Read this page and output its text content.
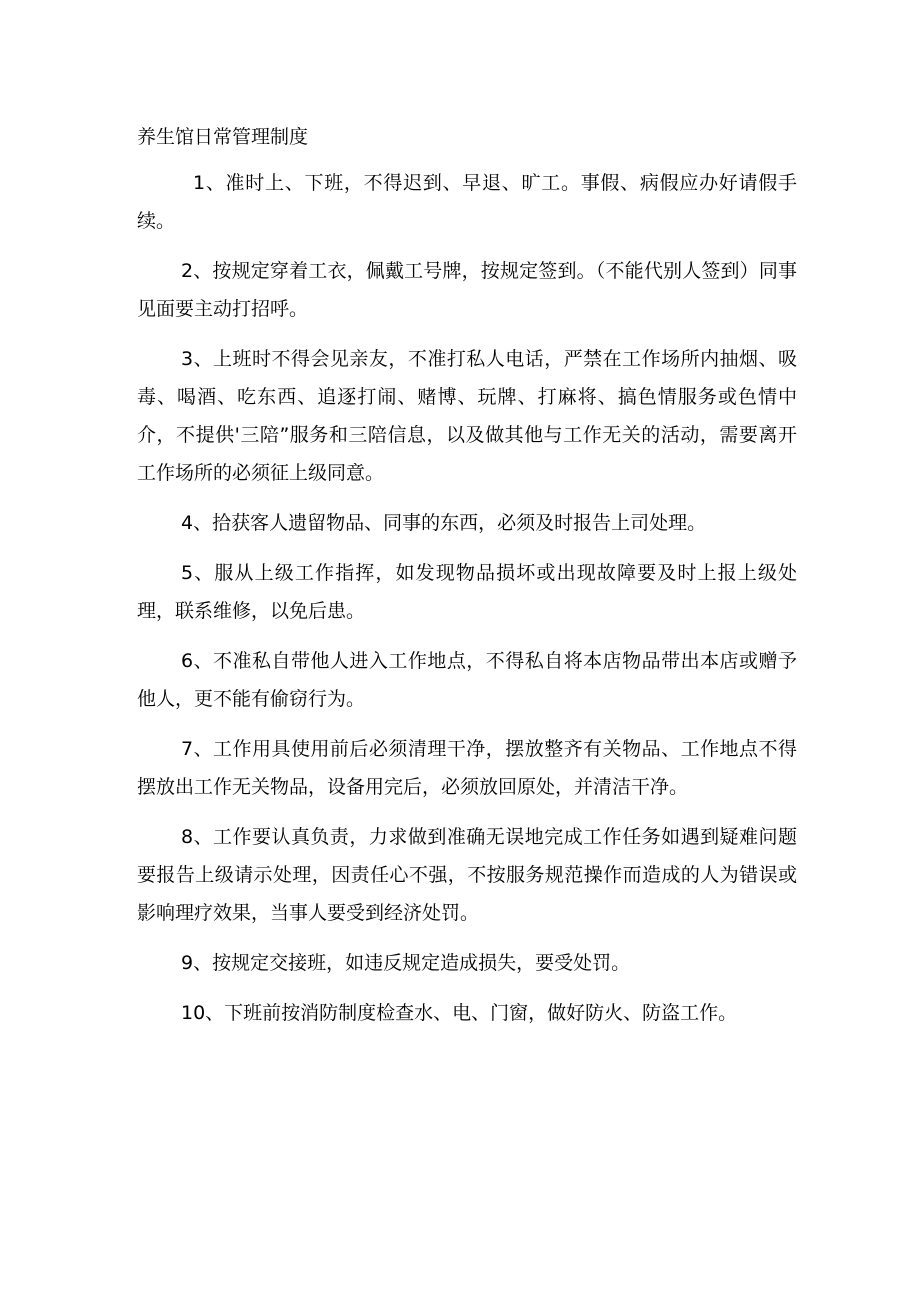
养生馆日常管理制度

1、准时上、下班，不得迟到、早退、旷工。事假、病假应办好请假手续。

2、按规定穿着工衣，佩戴工号牌，按规定签到。（不能代别人签到）同事见面要主动打招呼。

3、上班时不得会见亲友，不准打私人电话，严禁在工作场所内抽烟、吸毒、喝酒、吃东西、追逐打闹、赌博、玩牌、打麻将、搞色情服务或色情中介，不提供'三陪”服务和三陪信息，以及做其他与工作无关的活动，需要离开工作场所的必须征上级同意。

4、拾获客人遗留物品、同事的东西，必须及时报告上司处理。

5、服从上级工作指挥，如发现物品损坏或出现故障要及时上报上级处理，联系维修，以免后患。

6、不准私自带他人进入工作地点，不得私自将本店物品带出本店或赠予他人，更不能有偷窃行为。

7、工作用具使用前后必须清理干净，摆放整齐有关物品、工作地点不得摆放出工作无关物品，设备用完后，必须放回原处，并清洁干净。

8、工作要认真负责，力求做到准确无误地完成工作任务如遇到疑难问题要报告上级请示处理，因责任心不强，不按服务规范操作而造成的人为错误或影响理疗效果，当事人要受到经济处罚。

9、按规定交接班，如违反规定造成损失，要受处罚。

10、下班前按消防制度检查水、电、门窗，做好防火、防盗工作。
